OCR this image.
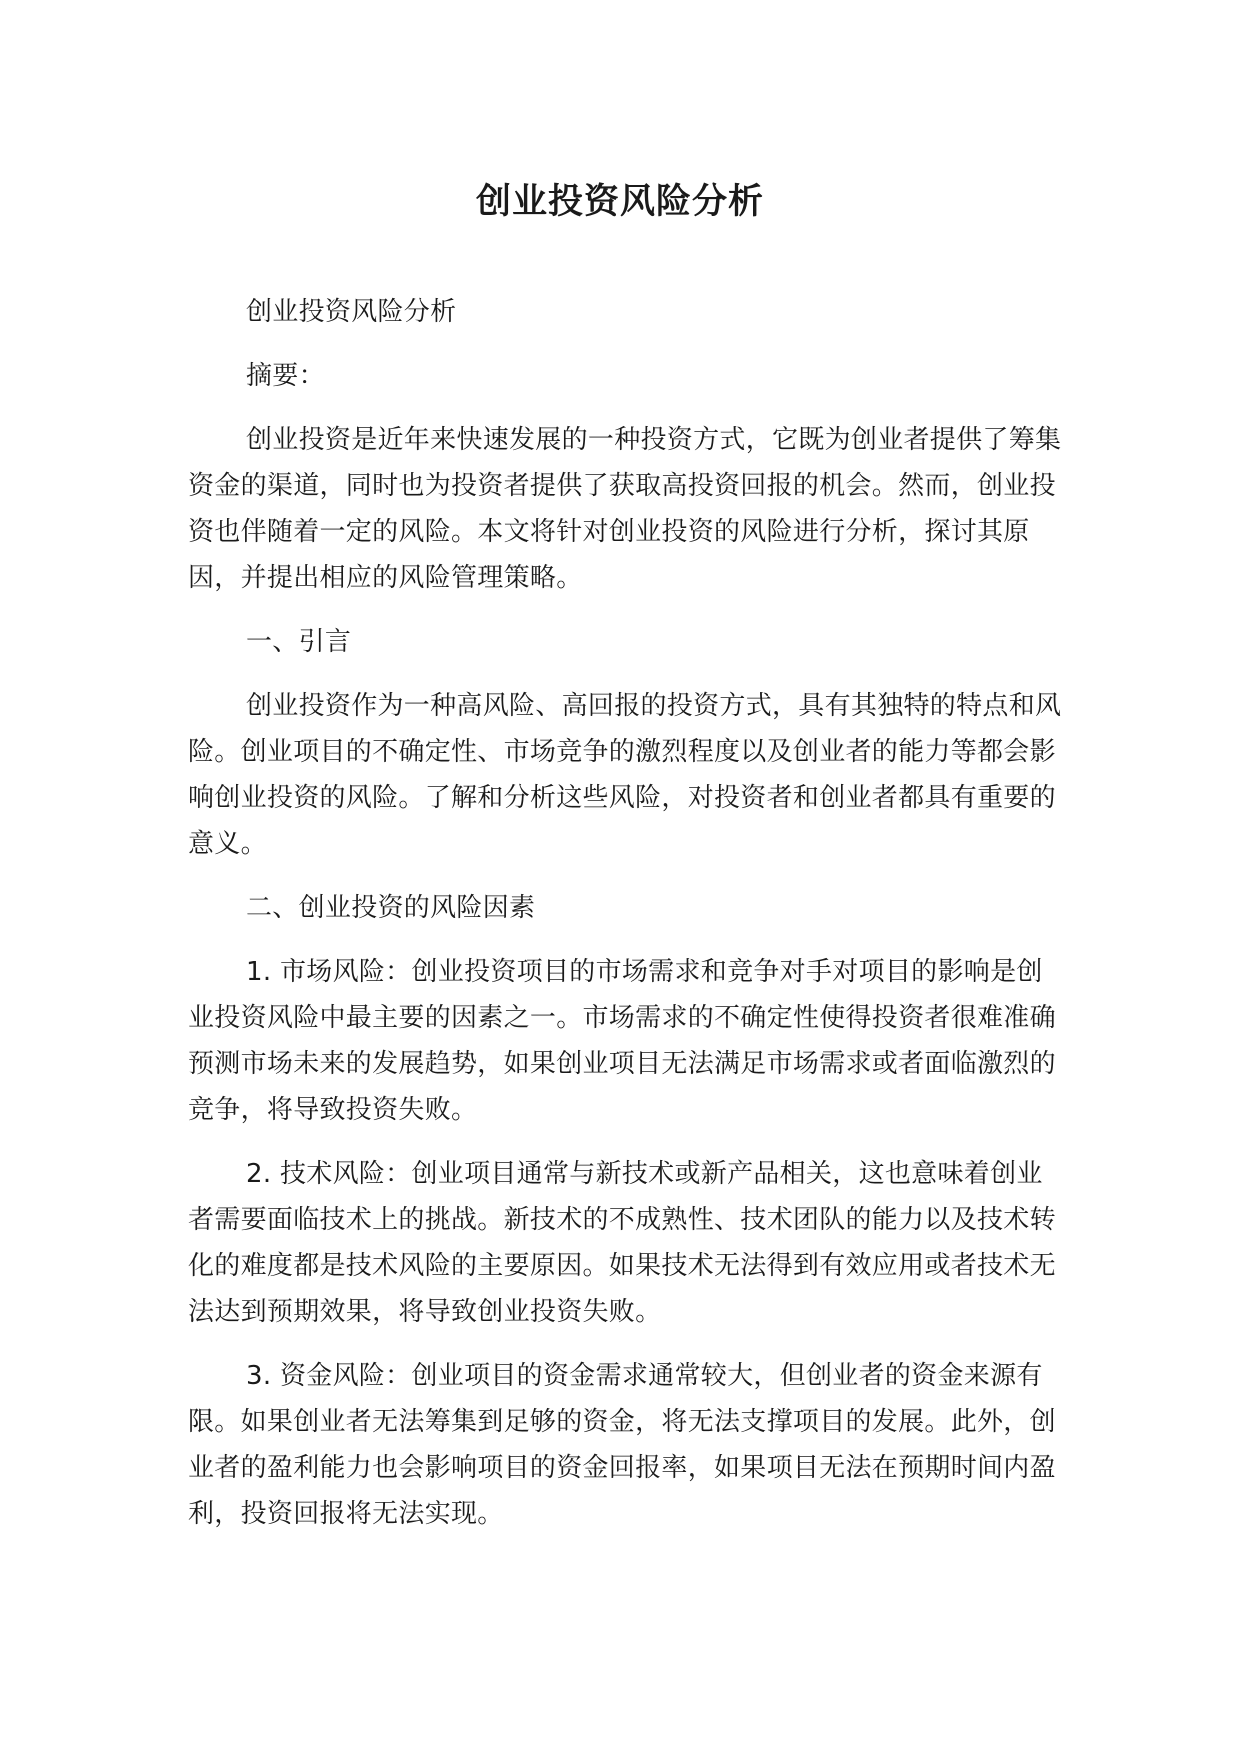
创业投资风险分析

创业投资风险分析

摘要：

创业投资是近年来快速发展的一种投资方式，它既为创业者提供了筹集资金的渠道，同时也为投资者提供了获取高投资回报的机会。然而，创业投资也伴随着一定的风险。本文将针对创业投资的风险进行分析，探讨其原因，并提出相应的风险管理策略。

一、引言

创业投资作为一种高风险、高回报的投资方式，具有其独特的特点和风险。创业项目的不确定性、市场竞争的激烈程度以及创业者的能力等都会影响创业投资的风险。了解和分析这些风险，对投资者和创业者都具有重要的意义。

二、创业投资的风险因素

1. 市场风险：创业投资项目的市场需求和竞争对手对项目的影响是创业投资风险中最主要的因素之一。市场需求的不确定性使得投资者很难准确预测市场未来的发展趋势，如果创业项目无法满足市场需求或者面临激烈的竞争，将导致投资失败。

2. 技术风险：创业项目通常与新技术或新产品相关，这也意味着创业者需要面临技术上的挑战。新技术的不成熟性、技术团队的能力以及技术转化的难度都是技术风险的主要原因。如果技术无法得到有效应用或者技术无法达到预期效果，将导致创业投资失败。

3. 资金风险：创业项目的资金需求通常较大，但创业者的资金来源有限。如果创业者无法筹集到足够的资金，将无法支撑项目的发展。此外，创业者的盈利能力也会影响项目的资金回报率，如果项目无法在预期时间内盈利，投资回报将无法实现。
